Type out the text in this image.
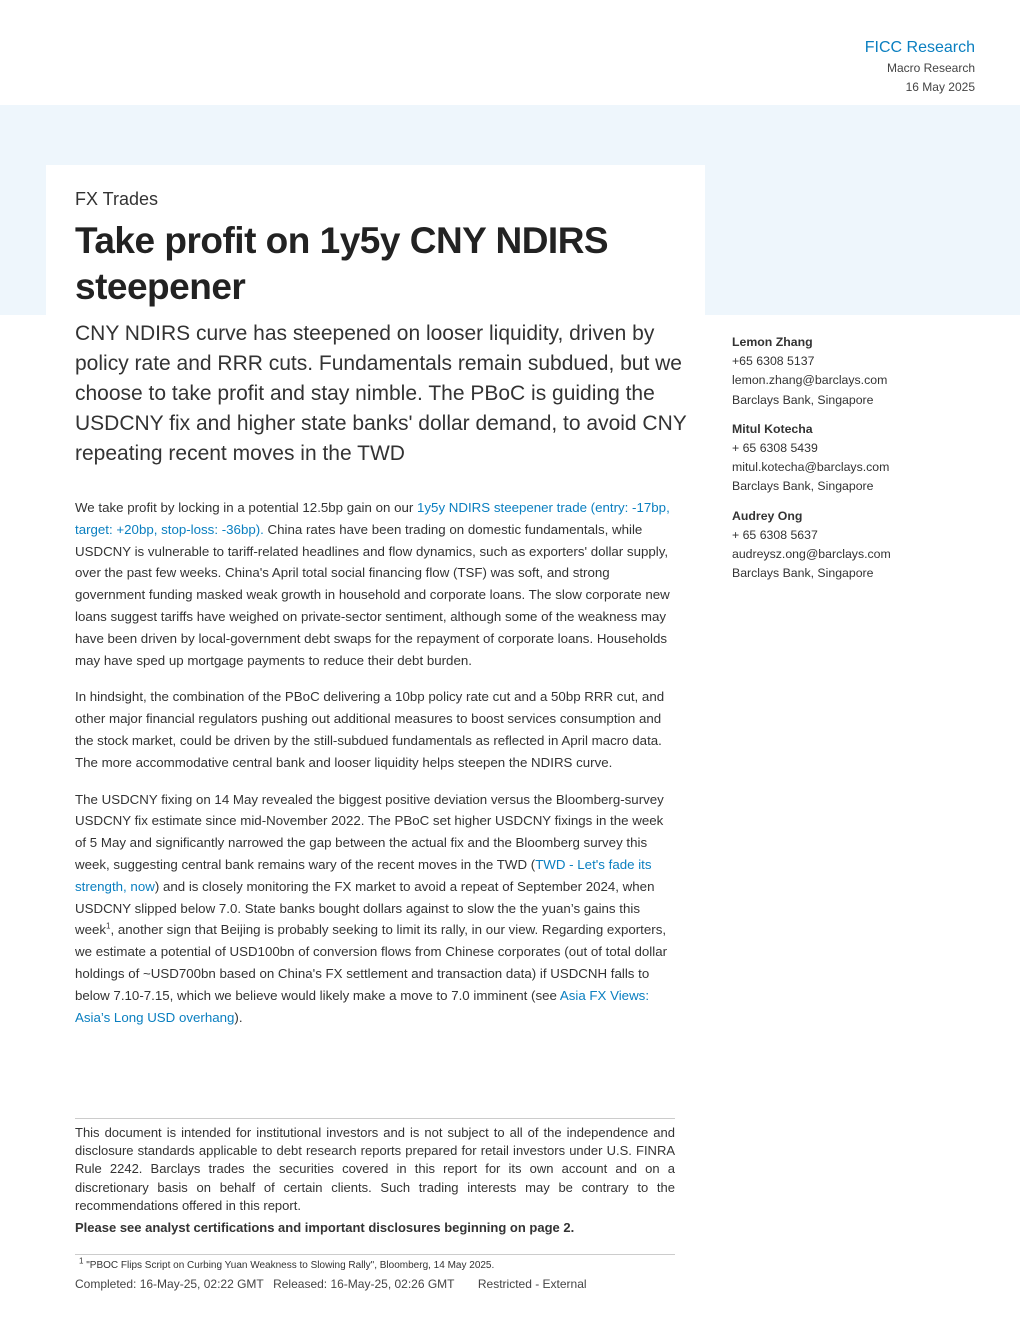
FICC Research
Macro Research
16 May 2025
FX Trades
Take profit on 1y5y CNY NDIRS steepener
CNY NDIRS curve has steepened on looser liquidity, driven by policy rate and RRR cuts. Fundamentals remain subdued, but we choose to take profit and stay nimble. The PBoC is guiding the USDCNY fix and higher state banks' dollar demand, to avoid CNY repeating recent moves in the TWD

We take profit by locking in a potential 12.5bp gain on our 1y5y NDIRS steepener trade (entry: -17bp, target: +20bp, stop-loss: -36bp). China rates have been trading on domestic fundamentals, while USDCNY is vulnerable to tariff-related headlines and flow dynamics, such as exporters' dollar supply, over the past few weeks. China's April total social financing flow (TSF) was soft, and strong government funding masked weak growth in household and corporate loans. The slow corporate new loans suggest tariffs have weighed on private-sector sentiment, although some of the weakness may have been driven by local-government debt swaps for the repayment of corporate loans. Households may have sped up mortgage payments to reduce their debt burden.

In hindsight, the combination of the PBoC delivering a 10bp policy rate cut and a 50bp RRR cut, and other major financial regulators pushing out additional measures to boost services consumption and the stock market, could be driven by the still-subdued fundamentals as reflected in April macro data. The more accommodative central bank and looser liquidity helps steepen the NDIRS curve.

The USDCNY fixing on 14 May revealed the biggest positive deviation versus the Bloomberg-survey USDCNY fix estimate since mid-November 2022. The PBoC set higher USDCNY fixings in the week of 5 May and significantly narrowed the gap between the actual fix and the Bloomberg survey this week, suggesting central bank remains wary of the recent moves in the TWD (TWD - Let's fade its strength, now) and is closely monitoring the FX market to avoid a repeat of September 2024, when USDCNY slipped below 7.0. State banks bought dollars against to slow the the yuan’s gains this week$^1$, another sign that Beijing is probably seeking to limit its rally, in our view. Regarding exporters, we estimate a potential of USD100bn of conversion flows from Chinese corporates (out of total dollar holdings of ~USD700bn based on China's FX settlement and transaction data) if USDCNH falls to below 7.10-7.15, which we believe would likely make a move to 7.0 imminent (see Asia FX Views: Asia’s Long USD overhang).

Lemon Zhang
+65 6308 5137
lemon.zhang@barclays.com
Barclays Bank, Singapore
Mitul Kotecha
+ 65 6308 5439
mitul.kotecha@barclays.com
Barclays Bank, Singapore
Audrey Ong
+ 65 6308 5637
audreysz.ong@barclays.com
Barclays Bank, Singapore
This document is intended for institutional investors and is not subject to all of the independence and disclosure standards applicable to debt research reports prepared for retail investors under U.S. FINRA Rule 2242. Barclays trades the securities covered in this report for its own account and on a discretionary basis on behalf of certain clients. Such trading interests may be contrary to the recommendations offered in this report.
Please see analyst certifications and important disclosures beginning on page 2.
$^1$ "PBOC Flips Script on Curbing Yuan Weakness to Slowing Rally", Bloomberg, 14 May 2025.
Completed: 16-May-25, 02:22 GMT Released: 16-May-25, 02:26 GMT Restricted - External
